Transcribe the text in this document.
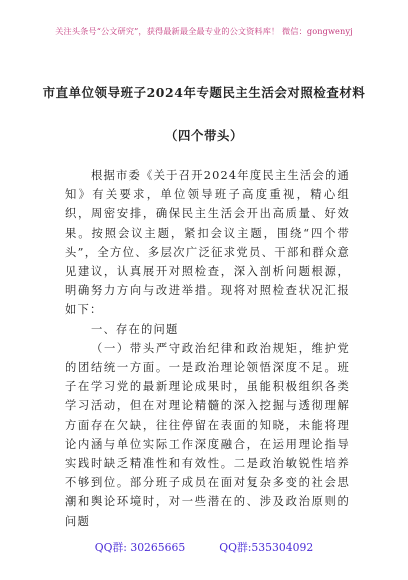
关注头条号“公文研究”，获得最新最全最专业的公文资料库！ 微信：gongwenyj
市直单位领导班子2024年专题民主生活会对照检查材料
（四个带头）

根据市委《关于召开2024年度民主生活会的通知》有关要求，单位领导班子高度重视，精心组织，周密安排，确保民主生活会开出高质量、好效果。按照会议主题，紧扣会议主题，围绕“四个带头”，全方位、多层次广泛征求党员、干部和群众意见建议，认真展开对照检查，深入剖析问题根源，明确努力方向与改进举措。现将对照检查状况汇报如下：

一、存在的问题

（一）带头严守政治纪律和政治规矩，维护党的团结统一方面。一是政治理论领悟深度不足。班子在学习党的最新理论成果时，虽能积极组织各类学习活动，但在对理论精髓的深入挖掘与透彻理解方面存在欠缺，往往停留在表面的知晓，未能将理论内涵与单位实际工作深度融合，在运用理论指导实践时缺乏精准性和有效性。二是政治敏锐性培养不够到位。部分班子成员在面对复杂多变的社会思潮和舆论环境时，对一些潜在的、涉及政治原则的问题

QQ群: 30265665	QQ群:535304092
